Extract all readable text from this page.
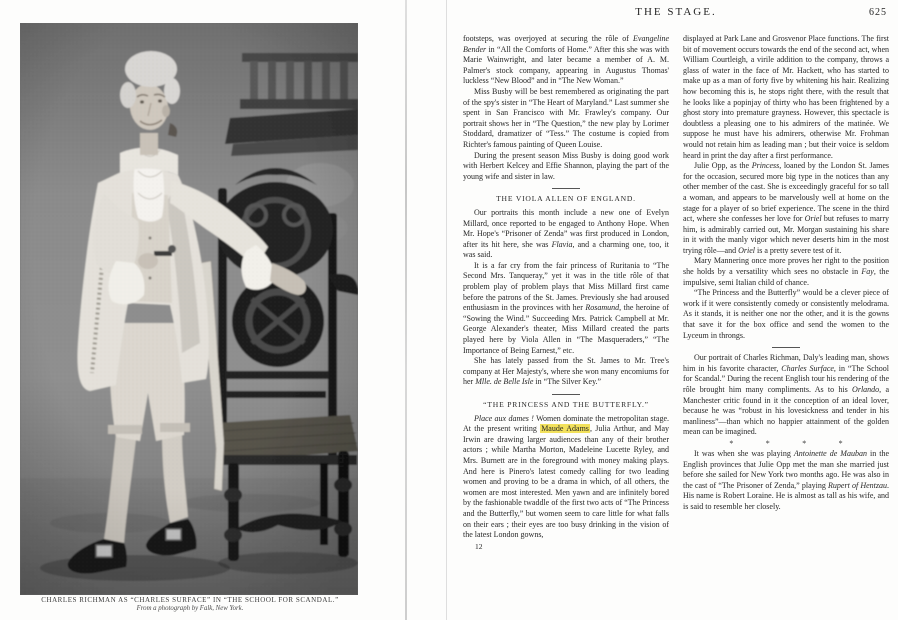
CHARLES RICHMAN AS “CHARLES SURFACE” IN “THE SCHOOL FOR SCANDAL.”
From a photograph by Falk, New York.
THE STAGE.	625

footsteps, was overjoyed at securing the rôle of Evangeline Bender in “All the Comforts of Home.” After this she was with Marie Wainwright, and later became a member of A. M. Palmer's stock company, appearing in Augustus Thomas' luckless “New Blood” and in “The New Woman.”

Miss Busby will be best remembered as originating the part of the spy's sister in “The Heart of Maryland.” Last summer she spent in San Francisco with Mr. Frawley's company. Our portrait shows her in “The Question,” the new play by Lorimer Stoddard, dramatizer of “Tess.” The costume is copied from Richter's famous painting of Queen Louise.

During the present season Miss Busby is doing good work with Herbert Kelcey and Effie Shannon, playing the part of the young wife and sister in law.

THE VIOLA ALLEN OF ENGLAND.

Our portraits this month include a new one of Evelyn Millard, once reported to be engaged to Anthony Hope. When Mr. Hope's “Prisoner of Zenda” was first produced in London, after its hit here, she was Flavia, and a charming one, too, it was said.

It is a far cry from the fair princess of Ruritania to “The Second Mrs. Tanqueray,” yet it was in the title rôle of that problem play of problem plays that Miss Millard first came before the patrons of the St. James. Previously she had aroused enthusiasm in the provinces with her Rosamund, the heroine of “Sowing the Wind.” Succeeding Mrs. Patrick Campbell at Mr. George Alexander's theater, Miss Millard created the parts played here by Viola Allen in “The Masqueraders,” “The Importance of Being Earnest,” etc.

She has lately passed from the St. James to Mr. Tree's company at Her Majesty's, where she won many encomiums for her Mlle. de Belle Isle in “The Silver Key.”

“THE PRINCESS AND THE BUTTERFLY.”

Place aux dames ! Women dominate the metropolitan stage. At the present writing Maude Adams, Julia Arthur, and May Irwin are drawing larger audiences than any of their brother actors ; while Martha Morton, Madeleine Lucette Ryley, and Mrs. Burnett are in the foreground with money making plays. And here is Pinero's latest comedy calling for two leading women and proving to be a drama in which, of all others, the women are most interested. Men yawn and are infinitely bored by the fashionable twaddle of the first two acts of “The Princess and the Butterfly,” but women seem to care little for what falls on their ears ; their eyes are too busy drinking in the vision of the latest London gowns,

12

displayed at Park Lane and Grosvenor Place functions. The first bit of movement occurs towards the end of the second act, when William Courtleigh, a virile addition to the company, throws a glass of water in the face of Mr. Hackett, who has started to make up as a man of forty five by whitening his hair. Realizing how becoming this is, he stops right there, with the result that he looks like a popinjay of thirty who has been frightened by a ghost story into premature grayness. However, this spectacle is doubtless a pleasing one to his admirers of the matinée. We suppose he must have his admirers, otherwise Mr. Frohman would not retain him as leading man ; but their voice is seldom heard in print the day after a first performance.

Julie Opp, as the Princess, loaned by the London St. James for the occasion, secured more big type in the notices than any other member of the cast. She is exceedingly graceful for so tall a woman, and appears to be marvelously well at home on the stage for a player of so brief experience. The scene in the third act, where she confesses her love for Oriel but refuses to marry him, is admirably carried out, Mr. Morgan sustaining his share in it with the manly vigor which never deserts him in the most trying rôle—and Oriel is a pretty severe test of it.

Mary Mannering once more proves her right to the position she holds by a versatility which sees no obstacle in Fay, the impulsive, semi Italian child of chance.

“The Princess and the Butterfly” would be a clever piece of work if it were consistently comedy or consistently melodrama. As it stands, it is neither one nor the other, and it is the gowns that save it for the box office and send the women to the Lyceum in throngs.

Our portrait of Charles Richman, Daly's leading man, shows him in his favorite character, Charles Surface, in “The School for Scandal.” During the recent English tour his rendering of the rôle brought him many compliments. As to his Orlando, a Manchester critic found in it the conception of an ideal lover, because he was “robust in his lovesickness and tender in his manliness”—than which no happier attainment of the golden mean can be imagined.

*	*	*	*

It was when she was playing Antoinette de Mauban in the English provinces that Julie Opp met the man she married just before she sailed for New York two months ago. He was also in the cast of “The Prisoner of Zenda,” playing Rupert of Hentzau. His name is Robert Loraine. He is almost as tall as his wife, and is said to resemble her closely.
